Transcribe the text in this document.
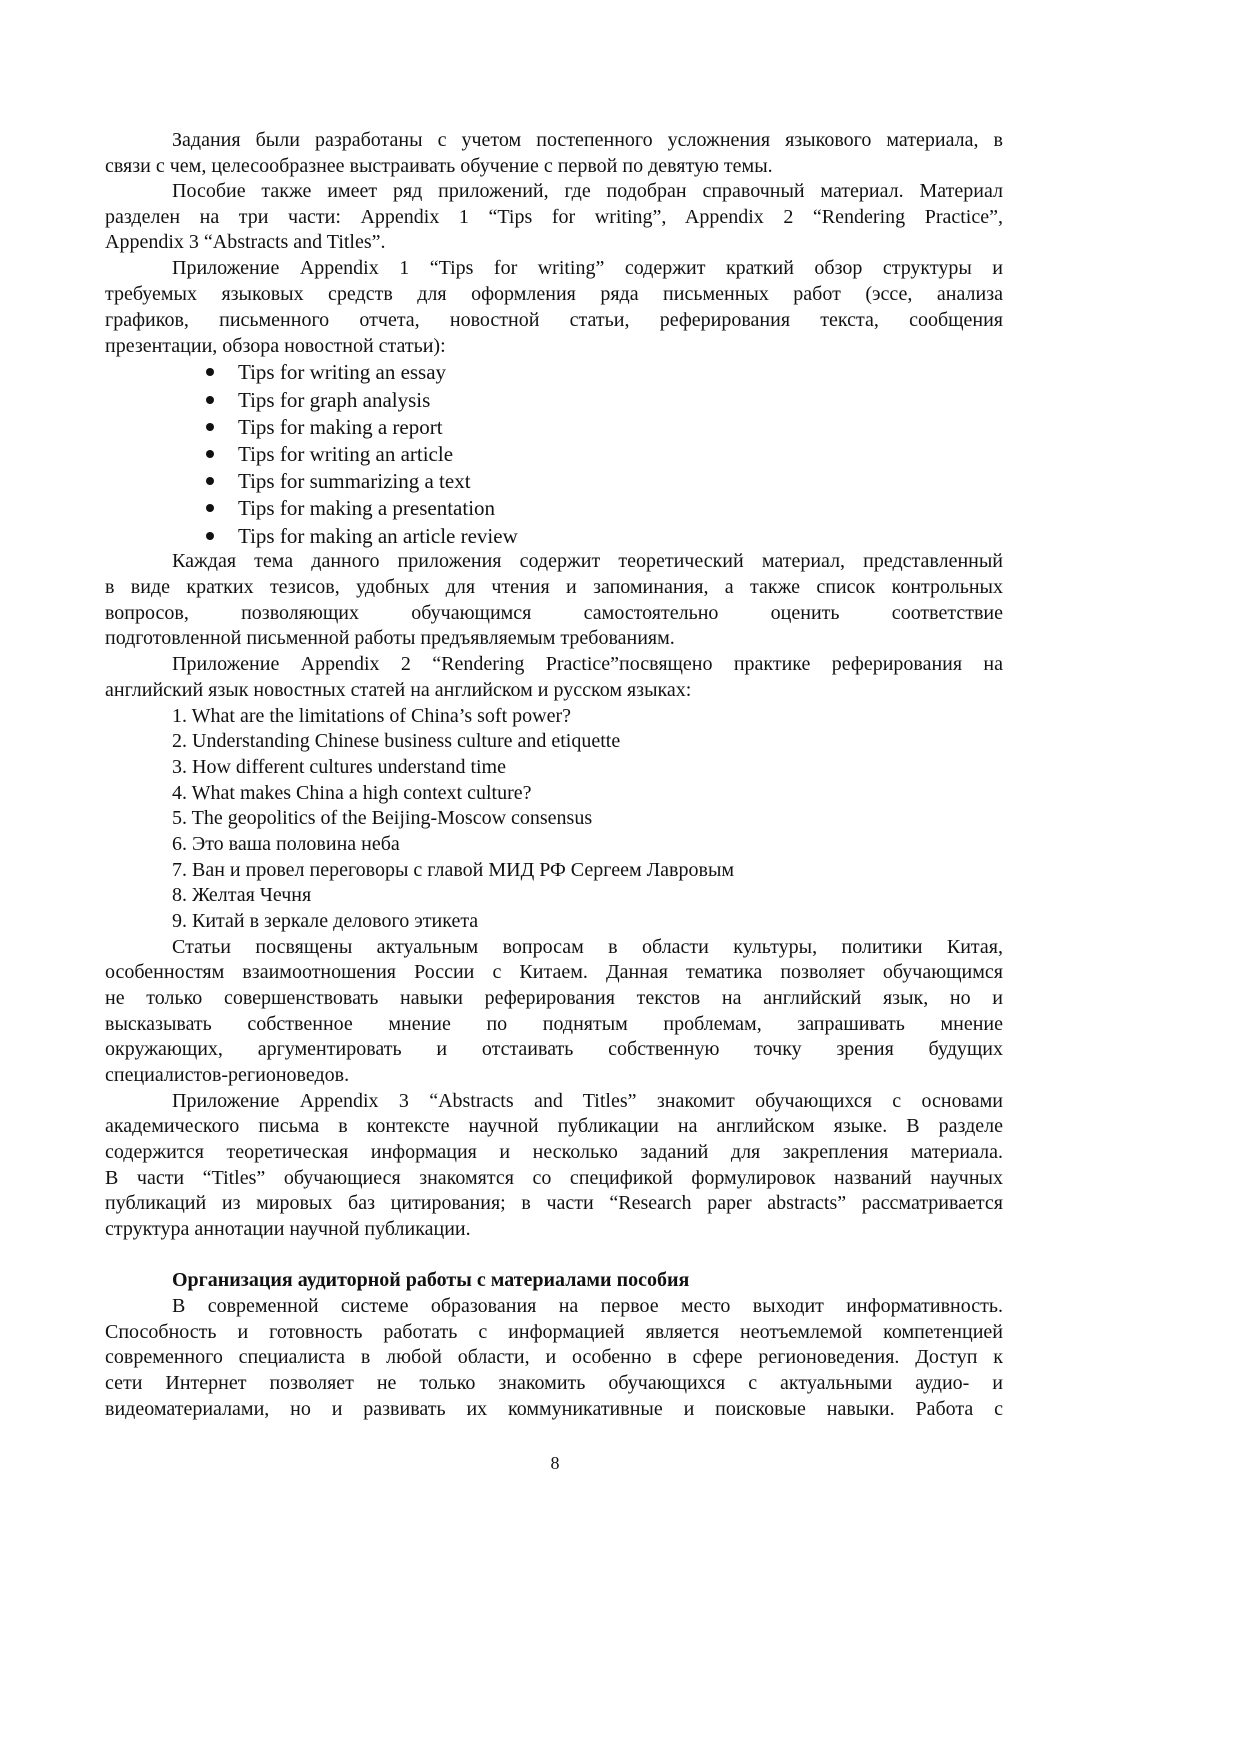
8
Задания были разработаны с учетом постепенного усложнения языкового материала, в
связи с чем, целесообразнее выстраивать обучение с первой по девятую темы.
Пособие также имеет ряд приложений, где подобран справочный материал. Материал
разделен на три части: Appendix 1 “Tips for writing”, Appendix 2 “Rendering Practice”,
Appendix 3 “Abstracts and Titles”.
Приложение Appendix 1 “Tips for writing” содержит краткий обзор структуры и
требуемых языковых средств для оформления ряда письменных работ (эссе, анализа
графиков, письменного отчета, новостной статьи, реферирования текста, сообщения
презентации, обзора новостной статьи):
Каждая тема данного приложения содержит теоретический материал, представленный
в виде кратких тезисов, удобных для чтения и запоминания, а также список контрольных
вопросов, позволяющих обучающимся самостоятельно оценить соответствие
подготовленной письменной работы предъявляемым требованиям.
Приложение Appendix 2 “Rendering Practice”посвящено практике реферирования на
английский язык новостных статей на английском и русском языках:
Статьи посвящены актуальным вопросам в области культуры, политики Китая,
особенностям взаимоотношения России с Китаем. Данная тематика позволяет обучающимся
не только совершенствовать навыки реферирования текстов на английский язык, но и
высказывать собственное мнение по поднятым проблемам, запрашивать мнение
окружающих, аргументировать и отстаивать собственную точку зрения будущих
специалистов-регионоведов.
Приложение Appendix 3 “Abstracts and Titles” знакомит обучающихся с основами
академического письма в контексте научной публикации на английском языке. В разделе
содержится теоретическая информация и несколько заданий для закрепления материала.
В части “Titles” обучающиеся знакомятся со спецификой формулировок названий научных
публикаций из мировых баз цитирования; в части “Research paper abstracts” рассматривается
структура аннотации научной публикации.
В современной системе образования на первое место выходит информативность.
Способность и готовность работать с информацией является неотъемлемой компетенцией
современного специалиста в любой области, и особенно в сфере регионоведения. Доступ к
сети Интернет позволяет не только знакомить обучающихся с актуальными аудио- и
видеоматериалами, но и развивать их коммуникативные и поисковые навыки. Работа с
Tips for writing an essay
Tips for graph analysis
Tips for making a report
Tips for writing an article
Tips for summarizing a text
Tips for making a presentation
Tips for making an article review
1. What are the limitations of China’s soft power?
2. Understanding Chinese business culture and etiquette
3. How different cultures understand time
4. What makes China a high context culture?
5. The geopolitics of the Beijing-Moscow consensus
6. Это ваша половина неба
7. Ван и провел переговоры с главой МИД РФ Сергеем Лавровым
8. Желтая Чечня
9. Китай в зеркале делового этикета
Организация аудиторной работы с материалами пособия
